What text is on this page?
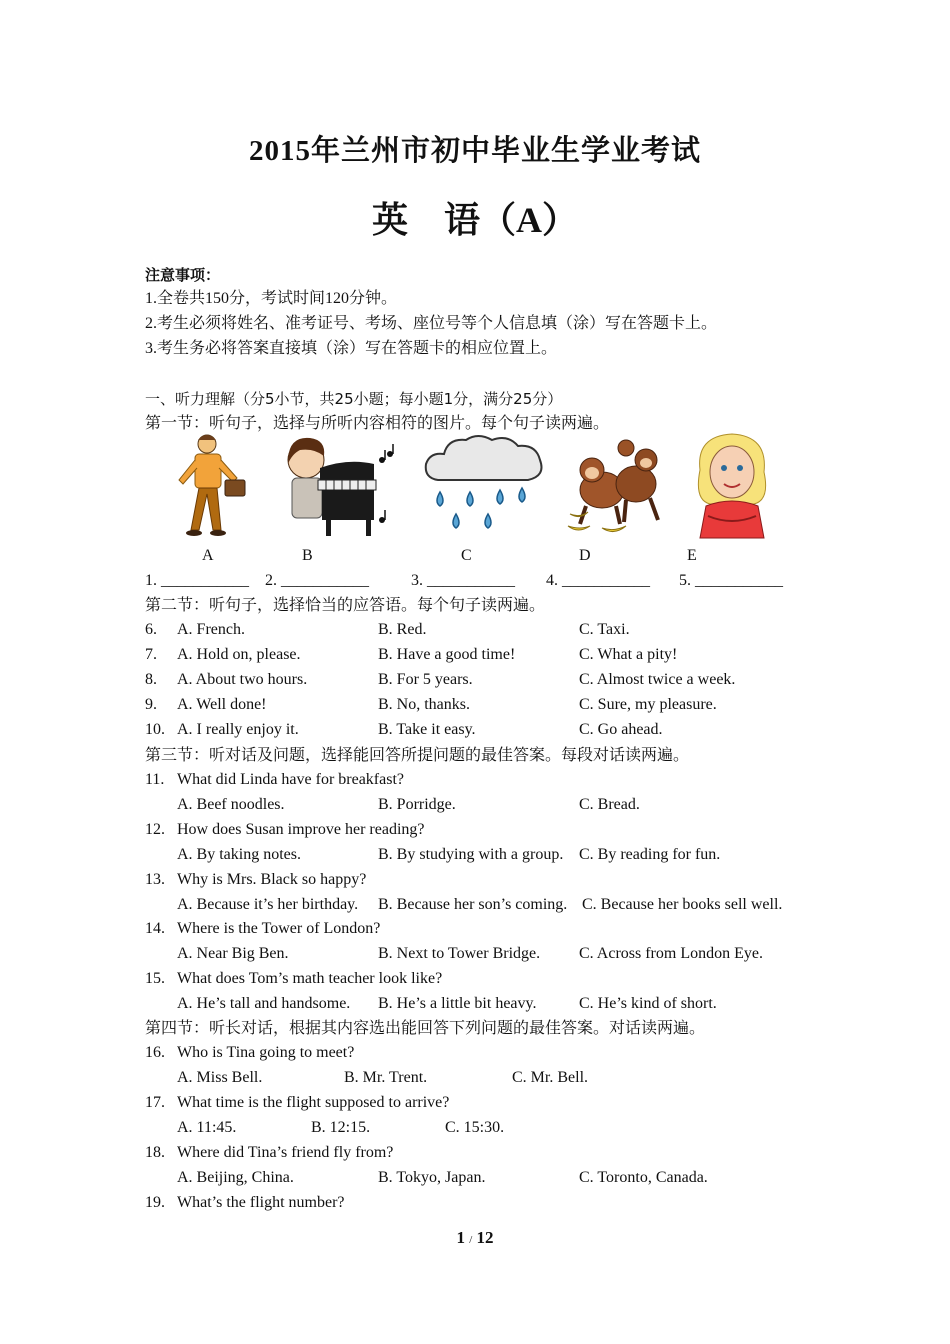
2015年兰州市初中毕业生学业考试
英　语（A）
注意事项：
1.全卷共150分，考试时间120分钟。
2.考生必须将姓名、准考证号、考场、座位号等个人信息填（涂）写在答题卡上。
3.考生务必将答案直接填（涂）写在答题卡的相应位置上。
一、听力理解（分5小节，共25小题；每小题1分，满分25分）
第一节：听句子，选择与所听内容相符的图片。每个句子读两遍。
A	B	C	D	E
1. ___________ 2. ___________	3. ___________ 4. ___________ 5. ___________
第二节：听句子，选择恰当的应答语。每个句子读两遍。
6. A. French.	B. Red.	C. Taxi.
7. A. Hold on, please.	B. Have a good time!	C. What a pity!
8. A. About two hours.	B. For 5 years.	C. Almost twice a week.
9. A. Well done!	B. No, thanks.	C. Sure, my pleasure.
10. A. I really enjoy it.	B. Take it easy.	C. Go ahead.
第三节：听对话及问题，选择能回答所提问题的最佳答案。每段对话读两遍。
11. What did Linda have for breakfast?
A. Beef noodles.	B. Porridge.	C. Bread.
12. How does Susan improve her reading?
A. By taking notes.	B. By studying with a group. C. By reading for fun.
13. Why is Mrs. Black so happy?
A. Because it’s her birthday. B. Because her son’s coming. C. Because her books sell well.
14. Where is the Tower of London?
A. Near Big Ben.	B. Next to Tower Bridge. C. Across from London Eye.
15. What does Tom’s math teacher look like?
A. He’s tall and handsome. B. He’s a little bit heavy.	C. He’s kind of short.
第四节：听长对话，根据其内容选出能回答下列问题的最佳答案。对话读两遍。
16. Who is Tina going to meet?
A. Miss Bell.	B. Mr. Trent.	C. Mr. Bell.
17. What time is the flight supposed to arrive?
A. 11:45.	B. 12:15.	C. 15:30.
18. Where did Tina’s friend fly from?
A. Beijing, China.	B. Tokyo, Japan.	C. Toronto, Canada.
19. What’s the flight number?
1 / 12
